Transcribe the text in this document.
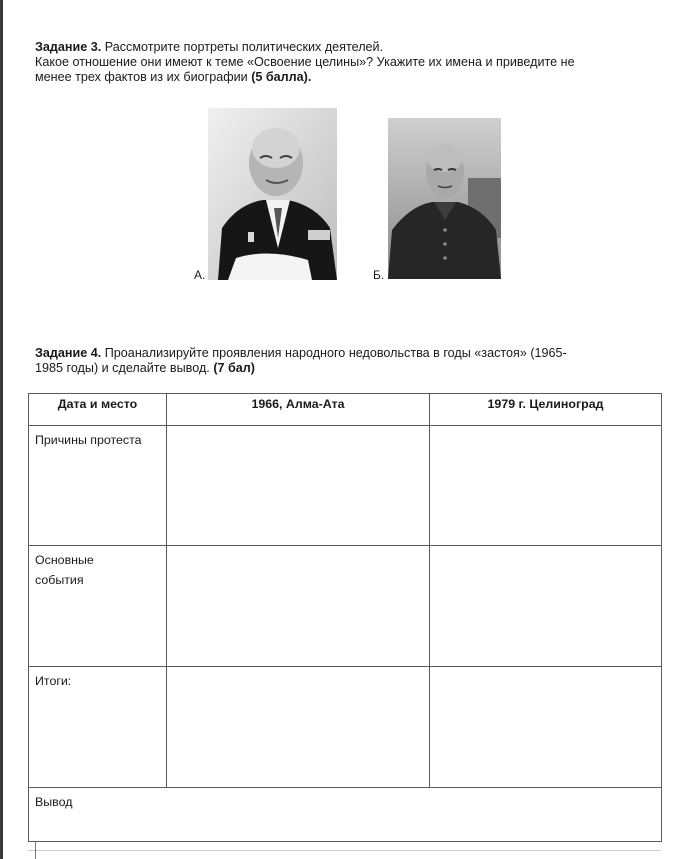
Задание 3. Рассмотрите портреты политических деятелей.
Какое отношение они имеют к теме «Освоение целины»? Укажите их имена и приведите не
менее трех фактов из их биографии (5 балла).
А.	Б.
Задание 4. Проанализируйте проявления народного недовольства в годы «застоя» (1965-
1985 годы) и сделайте вывод. (7 бал)
Дата и место	1966, Алма-Ата	1979 г. Целиноград
Причины протеста		
Основные
события		
Итоги:		
Вывод		
